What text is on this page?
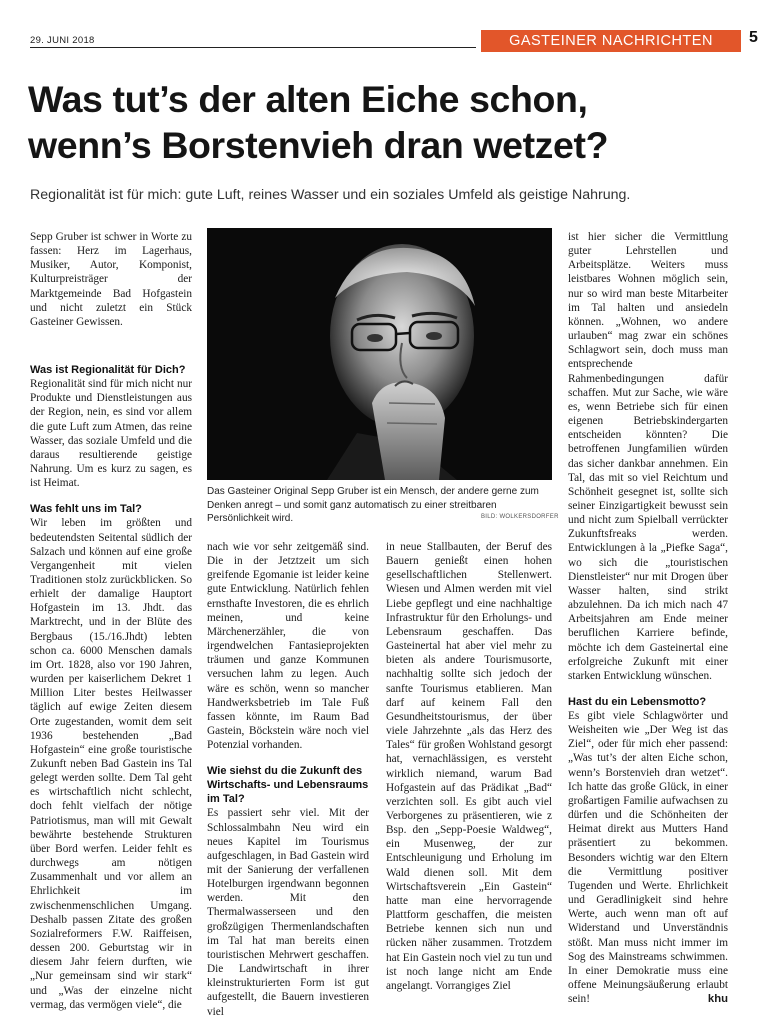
29. JUNI 2018	GASTEINER NACHRICHTEN	5
Was tut’s der alten Eiche schon,
wenn’s Borstenvieh dran wetzet?

Regionalität ist für mich: gute Luft, reines Wasser und ein soziales Umfeld als geistige Nahrung.

Sepp Gruber ist schwer in Worte zu fassen: Herz im Lagerhaus, Musiker, Autor, Komponist, Kulturpreisträger der Marktgemeinde Bad Hofgastein und nicht zuletzt ein Stück Gasteiner Gewissen.

Was ist Regionalität für Dich?

Regionalität sind für mich nicht nur Produkte und Dienstleistungen aus der Region, nein, es sind vor allem die gute Luft zum Atmen, das reine Wasser, das soziale Umfeld und die daraus resultierende geistige Nahrung. Um es kurz zu sagen, es ist Heimat.

Was fehlt uns im Tal?

Wir leben im größten und bedeutendsten Seitental südlich der Salzach und können auf eine große Vergangenheit mit vielen Traditionen stolz zurückblicken. So erhielt der damalige Hauptort Hofgastein im 13. Jhdt. das Marktrecht, und in der Blüte des Bergbaus (15./16.Jhdt) lebten schon ca. 6000 Menschen damals im Ort. 1828, also vor 190 Jahren, wurden per kaiserlichem Dekret 1 Million Liter bestes Heilwasser täglich auf ewige Zeiten diesem Orte zugestanden, womit dem seit 1936 bestehenden „Bad Hofgastein“ eine große touristische Zukunft neben Bad Gastein ins Tal gelegt werden sollte. Dem Tal geht es wirtschaftlich nicht schlecht, doch fehlt vielfach der nötige Patriotismus, man will mit Gewalt bewährte bestehende Strukturen über Bord werfen. Leider fehlt es durchwegs am nötigen Zusammenhalt und vor allem an Ehrlichkeit im zwischenmenschlichen Umgang. Deshalb passen Zitate des großen Sozialreformers F.W. Raiffeisen, dessen 200. Geburtstag wir in diesem Jahr feiern durften, wie „Nur gemeinsam sind wir stark“ und „Was der einzelne nicht vermag, das vermögen viele“, die

Das Gasteiner Original Sepp Gruber ist ein Mensch, der andere gerne zum Denken anregt – und somit ganz automatisch zu einer streitbaren Persönlichkeit wird.	BILD: WOLKERSDORFER

nach wie vor sehr zeitgemäß sind. Die in der Jetztzeit um sich greifende Egomanie ist leider keine gute Entwicklung. Natürlich fehlen ernsthafte Investoren, die es ehrlich meinen, und keine Märchenerzähler, die von irgendwelchen Fantasieprojekten träumen und ganze Kommunen versuchen lahm zu legen. Auch wäre es schön, wenn so mancher Handwerksbetrieb im Tale Fuß fassen könnte, im Raum Bad Gastein, Böckstein wäre noch viel Potenzial vorhanden.

Wie siehst du die Zukunft des Wirtschafts- und Lebensraums im Tal?

Es passiert sehr viel. Mit der Schlossalmbahn Neu wird ein neues Kapitel im Tourismus aufgeschlagen, in Bad Gastein wird mit der Sanierung der verfallenen Hotelburgen irgendwann begonnen werden. Mit den Thermalwasserseen und den großzügigen Thermenlandschaften im Tal hat man bereits einen touristischen Mehrwert geschaffen. Die Landwirtschaft in ihrer kleinstrukturierten Form ist gut aufgestellt, die Bauern investieren viel

in neue Stallbauten, der Beruf des Bauern genießt einen hohen gesellschaftlichen Stellenwert. Wiesen und Almen werden mit viel Liebe gepflegt und eine nachhaltige Infrastruktur für den Erholungs- und Lebensraum geschaffen. Das Gasteinertal hat aber viel mehr zu bieten als andere Tourismusorte, nachhaltig sollte sich jedoch der sanfte Tourismus etablieren. Man darf auf keinem Fall den Gesundheitstourismus, der über viele Jahrzehnte „als das Herz des Tales“ für großen Wohlstand gesorgt hat, vernachlässigen, es versteht wirklich niemand, warum Bad Hofgastein auf das Prädikat „Bad“ verzichten soll. Es gibt auch viel Verborgenes zu präsentieren, wie z Bsp. den „Sepp-Poesie Waldweg“, ein Musenweg, der zur Entschleunigung und Erholung im Wald dienen soll. Mit dem Wirtschaftsverein „Ein Gastein“ hatte man eine hervorragende Plattform geschaffen, die meisten Betriebe kennen sich nun und rücken näher zusammen. Trotzdem hat Ein Gastein noch viel zu tun und ist noch lange nicht am Ende angelangt. Vorrangiges Ziel

ist hier sicher die Vermittlung guter Lehrstellen und Arbeitsplätze. Weiters muss leistbares Wohnen möglich sein, nur so wird man beste Mitarbeiter im Tal halten und ansiedeln können. „Wohnen, wo andere urlauben“ mag zwar ein schönes Schlagwort sein, doch muss man entsprechende Rahmenbedingungen dafür schaffen. Mut zur Sache, wie wäre es, wenn Betriebe sich für einen eigenen Betriebskindergarten entscheiden könnten? Die betroffenen Jungfamilien würden das sicher dankbar annehmen. Ein Tal, das mit so viel Reichtum und Schönheit gesegnet ist, sollte sich seiner Einzigartigkeit bewusst sein und nicht zum Spielball verrückter Zukunftsfreaks werden. Entwicklungen à la „Piefke Saga“, wo sich die „touristischen Dienstleister“ nur mit Drogen über Wasser halten, sind strikt abzulehnen. Da ich mich nach 47 Arbeitsjahren am Ende meiner beruflichen Karriere befinde, möchte ich dem Gasteinertal eine erfolgreiche Zukunft mit einer starken Entwicklung wünschen.

Hast du ein Lebensmotto?

Es gibt viele Schlagwörter und Weisheiten wie „Der Weg ist das Ziel“, oder für mich eher passend: „Was tut’s der alten Eiche schon, wenn’s Borstenvieh dran wetzet“. Ich hatte das große Glück, in einer großartigen Familie aufwachsen zu dürfen und die Schönheiten der Heimat direkt aus Mutters Hand präsentiert zu bekommen. Besonders wichtig war den Eltern die Vermittlung positiver Tugenden und Werte. Ehrlichkeit und Geradlinigkeit sind hehre Werte, auch wenn man oft auf Widerstand und Unverständnis stößt. Man muss nicht immer im Sog des Mainstreams schwimmen. In einer Demokratie muss eine offene Meinungsäußerung erlaubt sein!	khu
